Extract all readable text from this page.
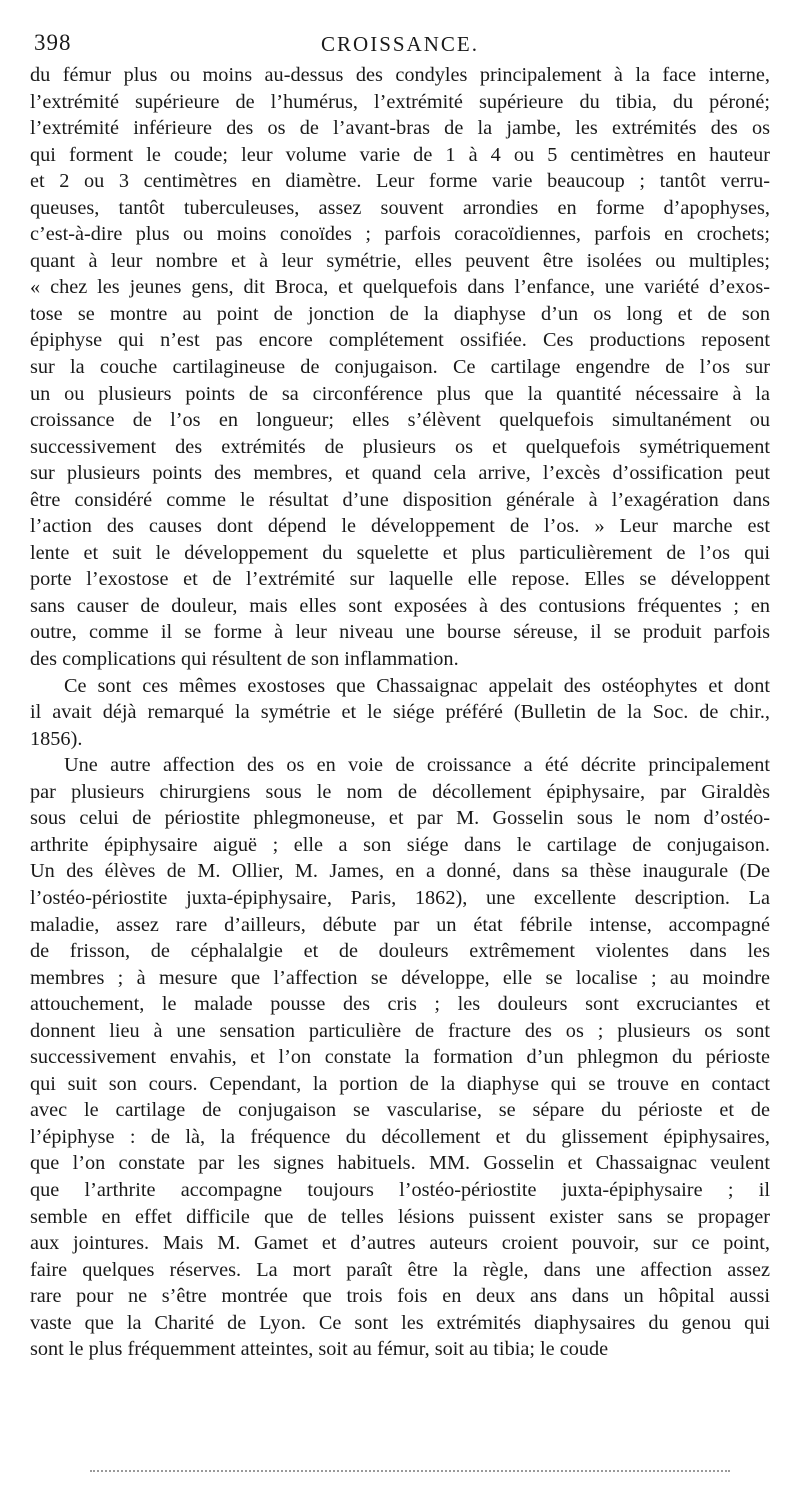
398	CROISSANCE.

du fémur plus ou moins au-dessus des condyles principalement à la face interne,
l’extrémité supérieure de l’humérus, l’extrémité supérieure du tibia, du péroné;
l’extrémité inférieure des os de l’avant-bras de la jambe, les extrémités des os
qui forment le coude; leur volume varie de 1 à 4 ou 5 centimètres en hauteur
et 2 ou 3 centimètres en diamètre. Leur forme varie beaucoup ; tantôt verru-
queuses, tantôt tuberculeuses, assez souvent arrondies en forme d’apophyses,
c’est-à-dire plus ou moins conoïdes ; parfois coracoïdiennes, parfois en crochets;
quant à leur nombre et à leur symétrie, elles peuvent être isolées ou multiples;
« chez les jeunes gens, dit Broca, et quelquefois dans l’enfance, une variété d’exos-
tose se montre au point de jonction de la diaphyse d’un os long et de son
épiphyse qui n’est pas encore complétement ossifiée. Ces productions reposent
sur la couche cartilagineuse de conjugaison. Ce cartilage engendre de l’os sur
un ou plusieurs points de sa circonférence plus que la quantité nécessaire à la
croissance de l’os en longueur; elles s’élèvent quelquefois simultanément ou
successivement des extrémités de plusieurs os et quelquefois symétriquement
sur plusieurs points des membres, et quand cela arrive, l’excès d’ossification peut
être considéré comme le résultat d’une disposition générale à l’exagération dans
l’action des causes dont dépend le développement de l’os. » Leur marche est
lente et suit le développement du squelette et plus particulièrement de l’os qui
porte l’exostose et de l’extrémité sur laquelle elle repose. Elles se développent
sans causer de douleur, mais elles sont exposées à des contusions fréquentes ; en
outre, comme il se forme à leur niveau une bourse séreuse, il se produit parfois
des complications qui résultent de son inflammation.

Ce sont ces mêmes exostoses que Chassaignac appelait des ostéophytes et dont
il avait déjà remarqué la symétrie et le siége préféré (Bulletin de la Soc. de chir.,
1856).

Une autre affection des os en voie de croissance a été décrite principalement
par plusieurs chirurgiens sous le nom de décollement épiphysaire, par Giraldès
sous celui de périostite phlegmoneuse, et par M. Gosselin sous le nom d’ostéo-
arthrite épiphysaire aiguë ; elle a son siége dans le cartilage de conjugaison.
Un des élèves de M. Ollier, M. James, en a donné, dans sa thèse inaugurale (De
l’ostéo-périostite juxta-épiphysaire, Paris, 1862), une excellente description. La
maladie, assez rare d’ailleurs, débute par un état fébrile intense, accompagné
de frisson, de céphalalgie et de douleurs extrêmement violentes dans les
membres ; à mesure que l’affection se développe, elle se localise ; au moindre
attouchement, le malade pousse des cris ; les douleurs sont excruciantes et
donnent lieu à une sensation particulière de fracture des os ; plusieurs os sont
successivement envahis, et l’on constate la formation d’un phlegmon du périoste
qui suit son cours. Cependant, la portion de la diaphyse qui se trouve en contact
avec le cartilage de conjugaison se vascularise, se sépare du périoste et de
l’épiphyse : de là, la fréquence du décollement et du glissement épiphysaires,
que l’on constate par les signes habituels. MM. Gosselin et Chassaignac veulent
que l’arthrite accompagne toujours l’ostéo-périostite juxta-épiphysaire ; il
semble en effet difficile que de telles lésions puissent exister sans se propager
aux jointures. Mais M. Gamet et d’autres auteurs croient pouvoir, sur ce point,
faire quelques réserves. La mort paraît être la règle, dans une affection assez
rare pour ne s’être montrée que trois fois en deux ans dans un hôpital aussi
vaste que la Charité de Lyon. Ce sont les extrémités diaphysaires du genou qui
sont le plus fréquemment atteintes, soit au fémur, soit au tibia; le coude
